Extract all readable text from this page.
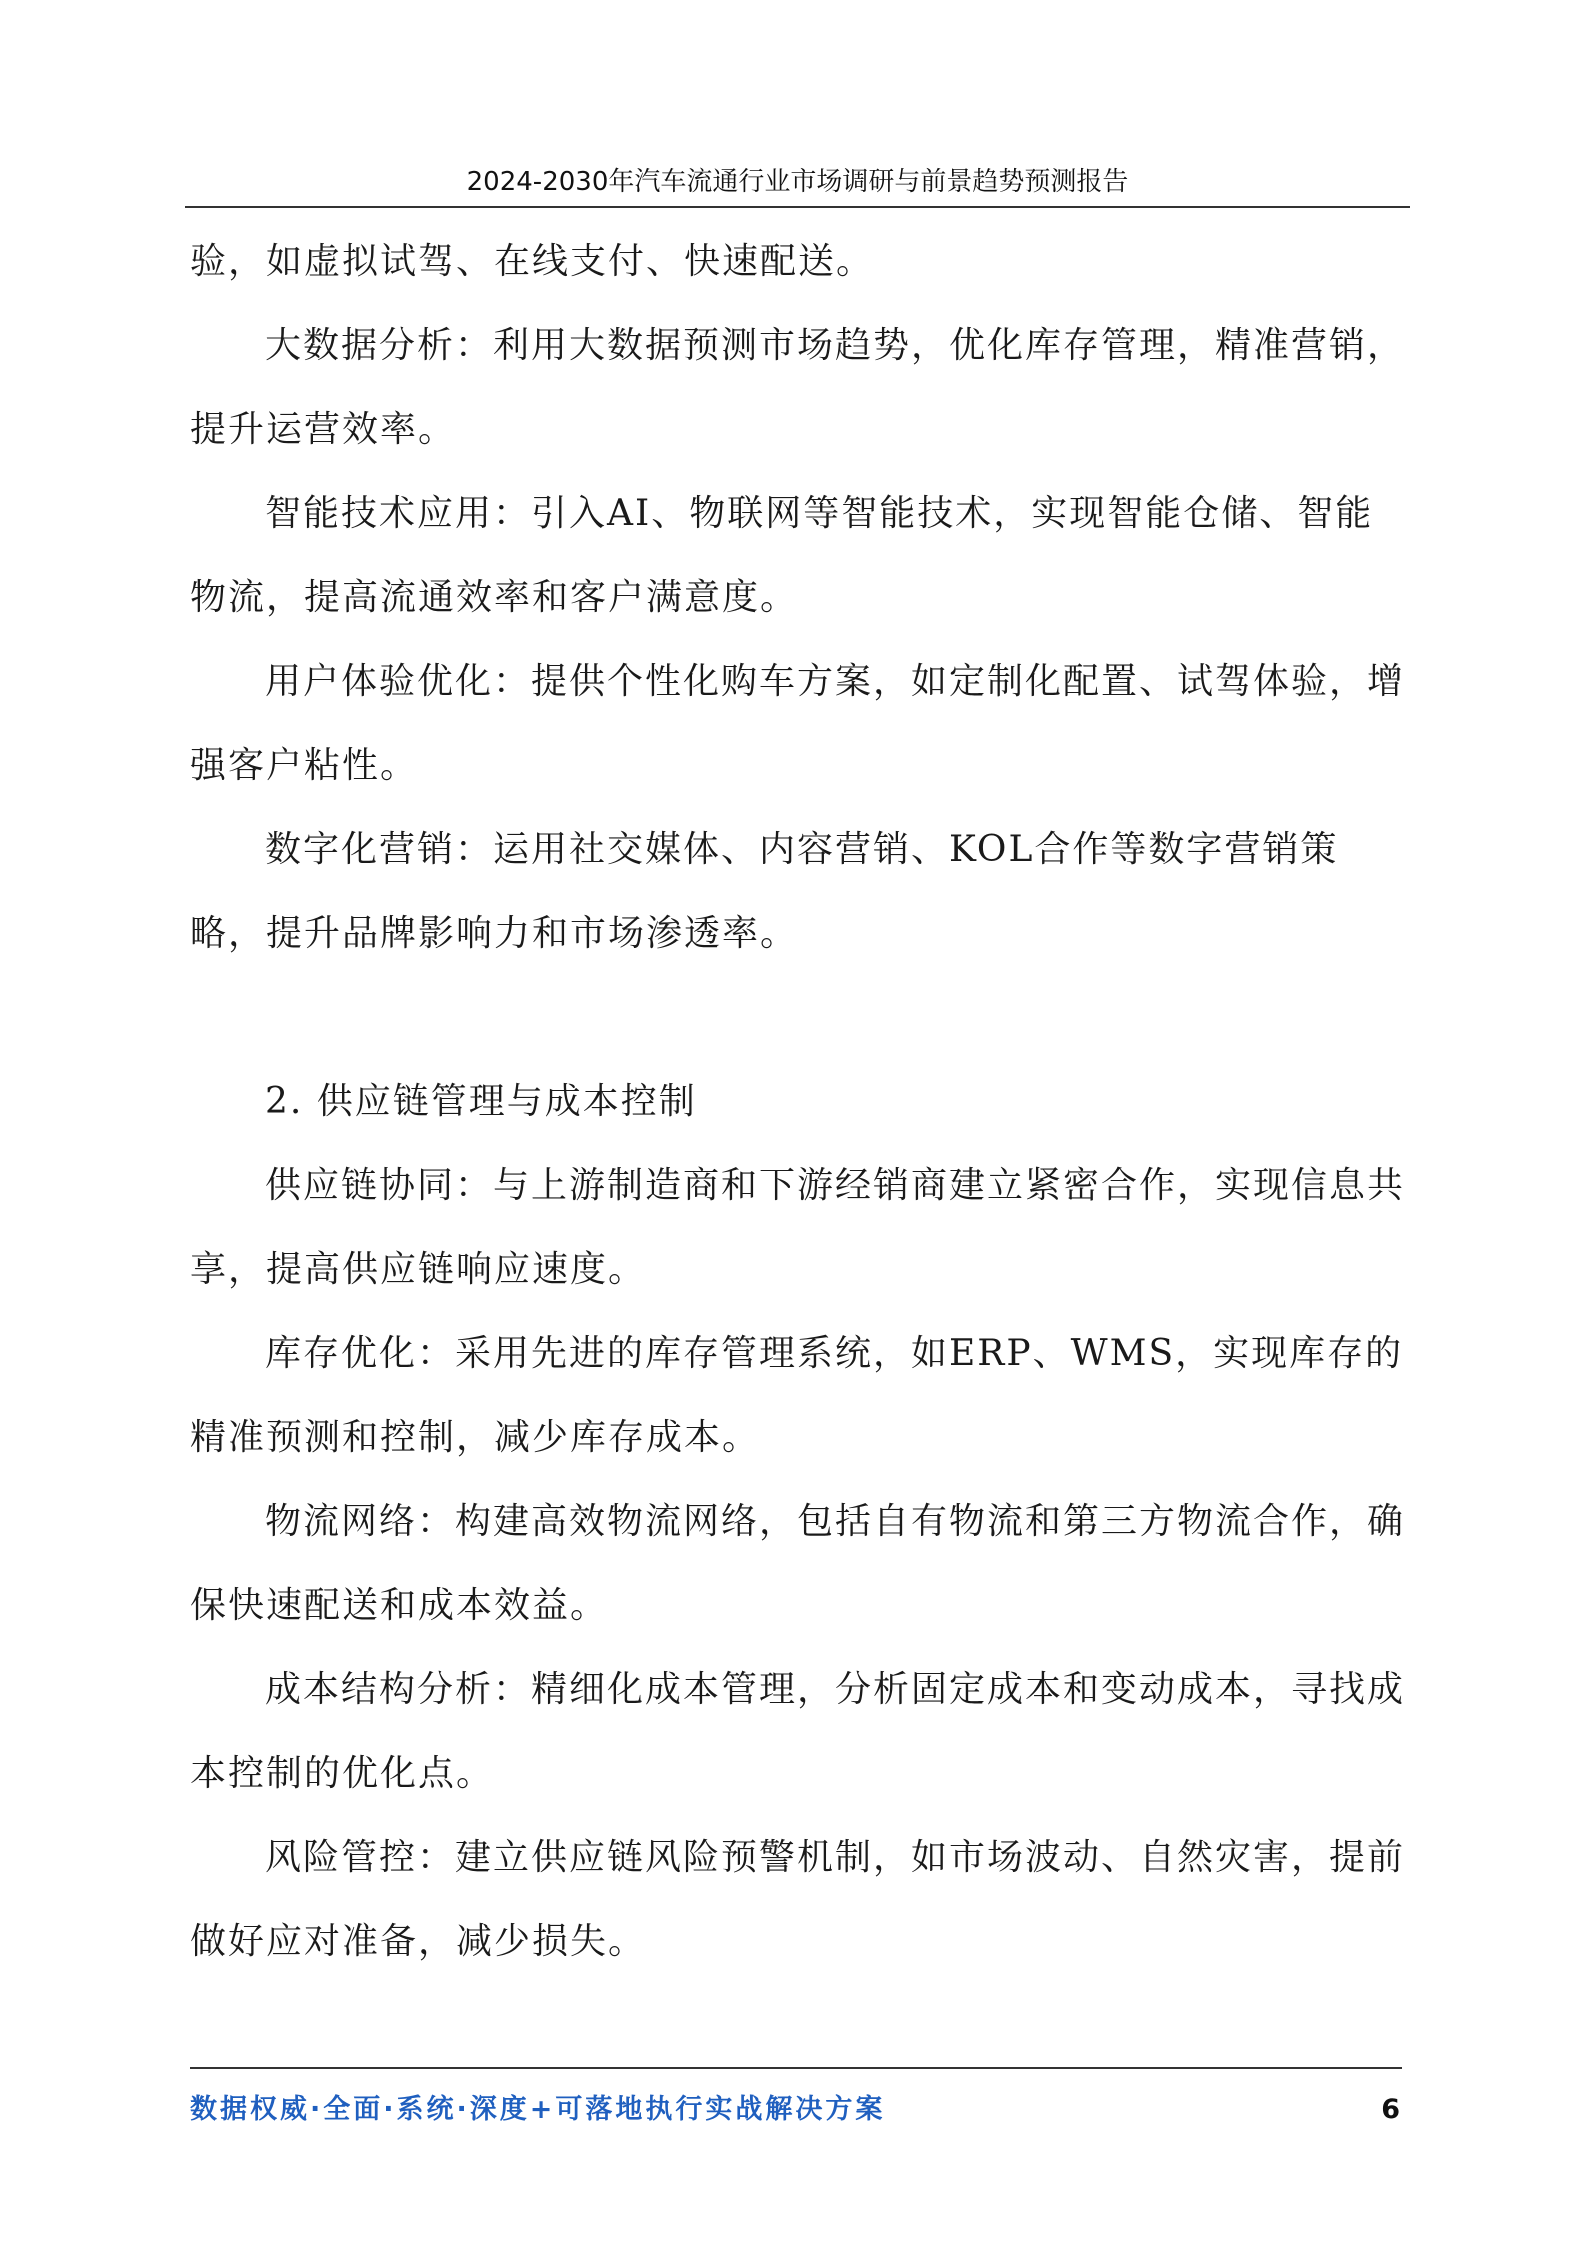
2024-2030年汽车流通行业市场调研与前景趋势预测报告

验，如虚拟试驾、在线支付、快速配送。

大数据分析：利用大数据预测市场趋势，优化库存管理，精准营销，提升运营效率。

智能技术应用：引入AI、物联网等智能技术，实现智能仓储、智能物流，提高流通效率和客户满意度。

用户体验优化：提供个性化购车方案，如定制化配置、试驾体验，增强客户粘性。

数字化营销：运用社交媒体、内容营销、KOL合作等数字营销策略，提升品牌影响力和市场渗透率。

2. 供应链管理与成本控制

供应链协同：与上游制造商和下游经销商建立紧密合作，实现信息共享，提高供应链响应速度。

库存优化：采用先进的库存管理系统，如ERP、WMS，实现库存的精准预测和控制，减少库存成本。

物流网络：构建高效物流网络，包括自有物流和第三方物流合作，确保快速配送和成本效益。

成本结构分析：精细化成本管理，分析固定成本和变动成本，寻找成本控制的优化点。

风险管控：建立供应链风险预警机制，如市场波动、自然灾害，提前做好应对准备，减少损失。

数据权威·全面·系统·深度+可落地执行实战解决方案	6
